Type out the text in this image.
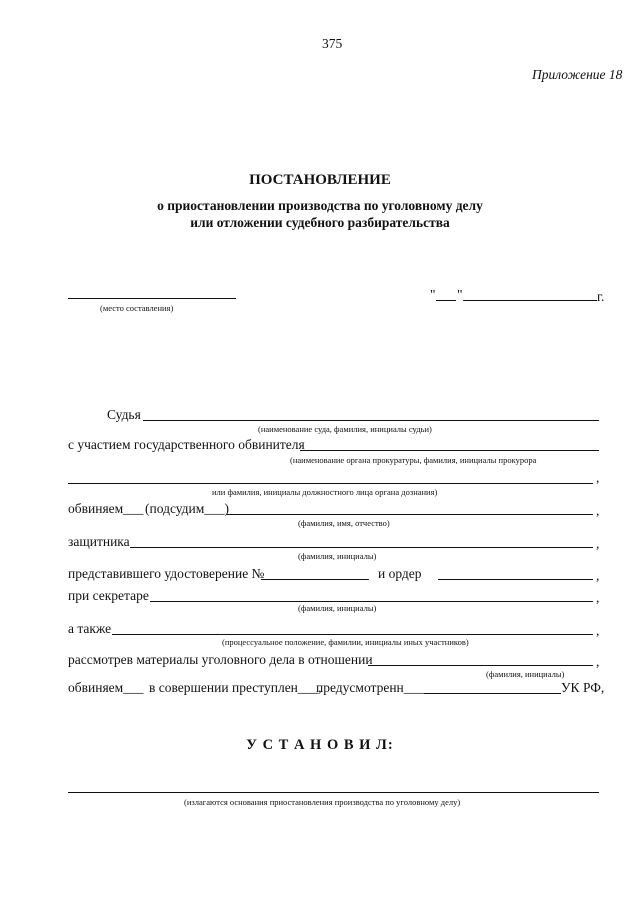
375
Приложение 18
ПОСТАНОВЛЕНИЕ
о приостановлении производства по уголовному делу
или отложении судебного разбирательства
(место составления)
" "	г.
Судья
(наименование суда, фамилия, инициалы судьи)
с участием государственного обвинителя
(наименование органа прокуратуры, фамилия, инициалы прокурора
,
или фамилия, инициалы должностного лица органа дознания)
обвиняем___ (подсудим___)	,
(фамилия, имя, отчество)
защитника	,
(фамилия, инициалы)
представившего удостоверение №	и ордер	,
при секретаре	,
(фамилия, инициалы)
а также	,
(процессуальное положение, фамилии, инициалы иных участников)
рассмотрев материалы уголовного дела в отношении	,
(фамилия, инициалы)
обвиняем___ в совершении преступлен___,
предусмотренн___	УК РФ,
У С Т А Н О В И Л:
(излагаются основания приостановления производства по уголовному делу)
